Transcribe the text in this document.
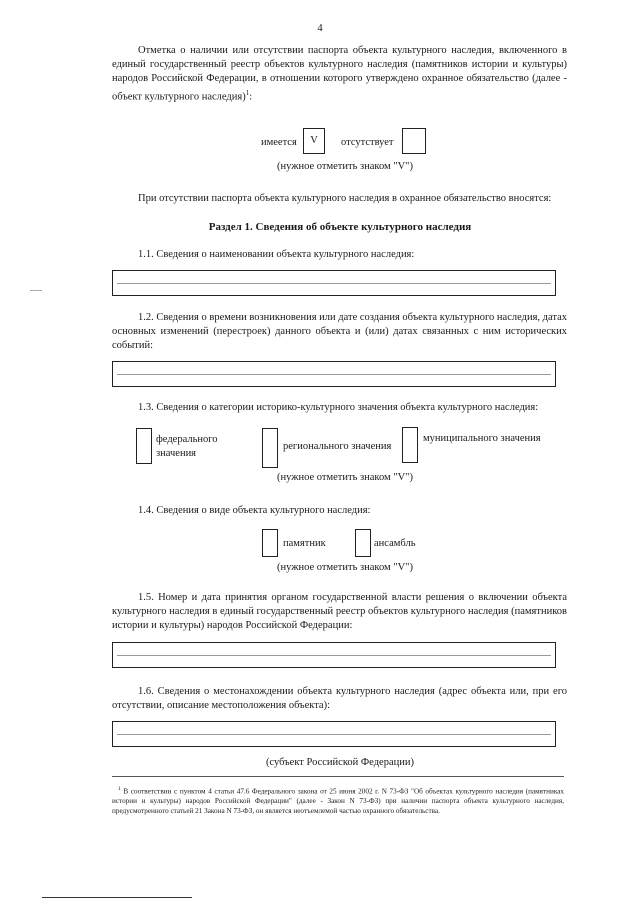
4
Отметка о наличии или отсутствии паспорта объекта культурного наследия, включенного в единый государственный реестр объектов культурного наследия (памятников истории и культуры) народов Российской Федерации, в отношении которого утверждено охранное обязательство (далее - объект культурного наследия)$^1$:
имеется	V	отсутствует
(нужное отметить знаком "V")
При отсутствии паспорта объекта культурного наследия в охранное обязательство вносятся:
Раздел 1. Сведения об объекте культурного наследия
1.1. Сведения о наименовании объекта культурного наследия:
1.2. Сведения о времени возникновения или дате создания объекта культурного наследия, датах основных изменений (перестроек) данного объекта и (или) датах связанных с ним исторических событий:
1.3. Сведения о категории историко-культурного значения объекта культурного наследия:
федерального
значения
регионального значения
муниципального значения
(нужное отметить знаком "V")
1.4. Сведения о виде объекта культурного наследия:
памятник	ансамбль
(нужное отметить знаком "V")
1.5. Номер и дата принятия органом государственной власти решения о включении объекта культурного наследия в единый государственный реестр объектов культурного наследия (памятников истории и культуры) народов Российской Федерации:
1.6. Сведения о местонахождении объекта культурного наследия (адрес объекта или, при его отсутствии, описание местоположения объекта):
(субъект Российской Федерации)
$^1$ В соответствии с пунктом 4 статьи 47.6 Федерального закона от 25 июня 2002 г. N 73-ФЗ "Об объектах культурного наследия (памятниках истории и культуры) народов Российской Федерации" (далее - Закон N 73-ФЗ) при наличии паспорта объекта культурного наследия, предусмотренного статьей 21 Закона N 73-ФЗ, он является неотъемлемой частью охранного обязательства.
